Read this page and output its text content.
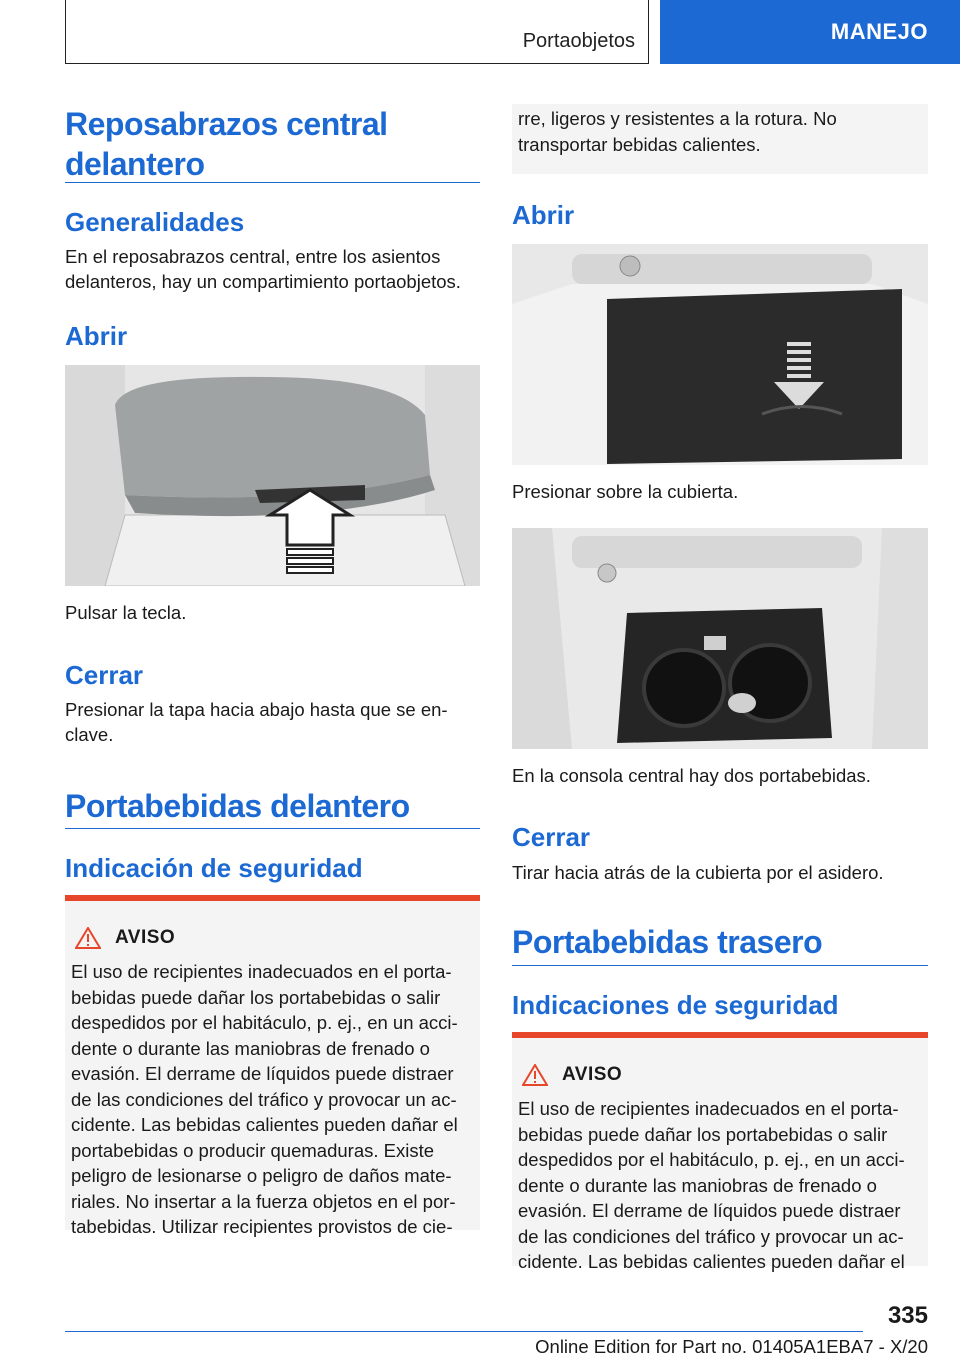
Portaobjetos	MANEJO
Reposabrazos central
delantero
Generalidades
En el reposabrazos central, entre los asientos
delanteros, hay un compartimiento portaobjetos.
Abrir
Pulsar la tecla.
Cerrar
Presionar la tapa hacia abajo hasta que se en‐
clave.
Portabebidas delantero
Indicación de seguridad
AVISO
El uso de recipientes inadecuados en el porta‐
bebidas puede dañar los portabebidas o salir
despedidos por el habitáculo, p. ej., en un acci‐
dente o durante las maniobras de frenado o
evasión. El derrame de líquidos puede distraer
de las condiciones del tráfico y provocar un ac‐
cidente. Las bebidas calientes pueden dañar el
portabebidas o producir quemaduras. Existe
peligro de lesionarse o peligro de daños mate‐
riales. No insertar a la fuerza objetos en el por‐
tabebidas. Utilizar recipientes provistos de cie‐
rre, ligeros y resistentes a la rotura. No
transportar bebidas calientes.
Abrir
Presionar sobre la cubierta.
En la consola central hay dos portabebidas.
Cerrar
Tirar hacia atrás de la cubierta por el asidero.
Portabebidas trasero
Indicaciones de seguridad
AVISO
El uso de recipientes inadecuados en el porta‐
bebidas puede dañar los portabebidas o salir
despedidos por el habitáculo, p. ej., en un acci‐
dente o durante las maniobras de frenado o
evasión. El derrame de líquidos puede distraer
de las condiciones del tráfico y provocar un ac‐
cidente. Las bebidas calientes pueden dañar el
335
Online Edition for Part no. 01405A1EBA7 - X/20
